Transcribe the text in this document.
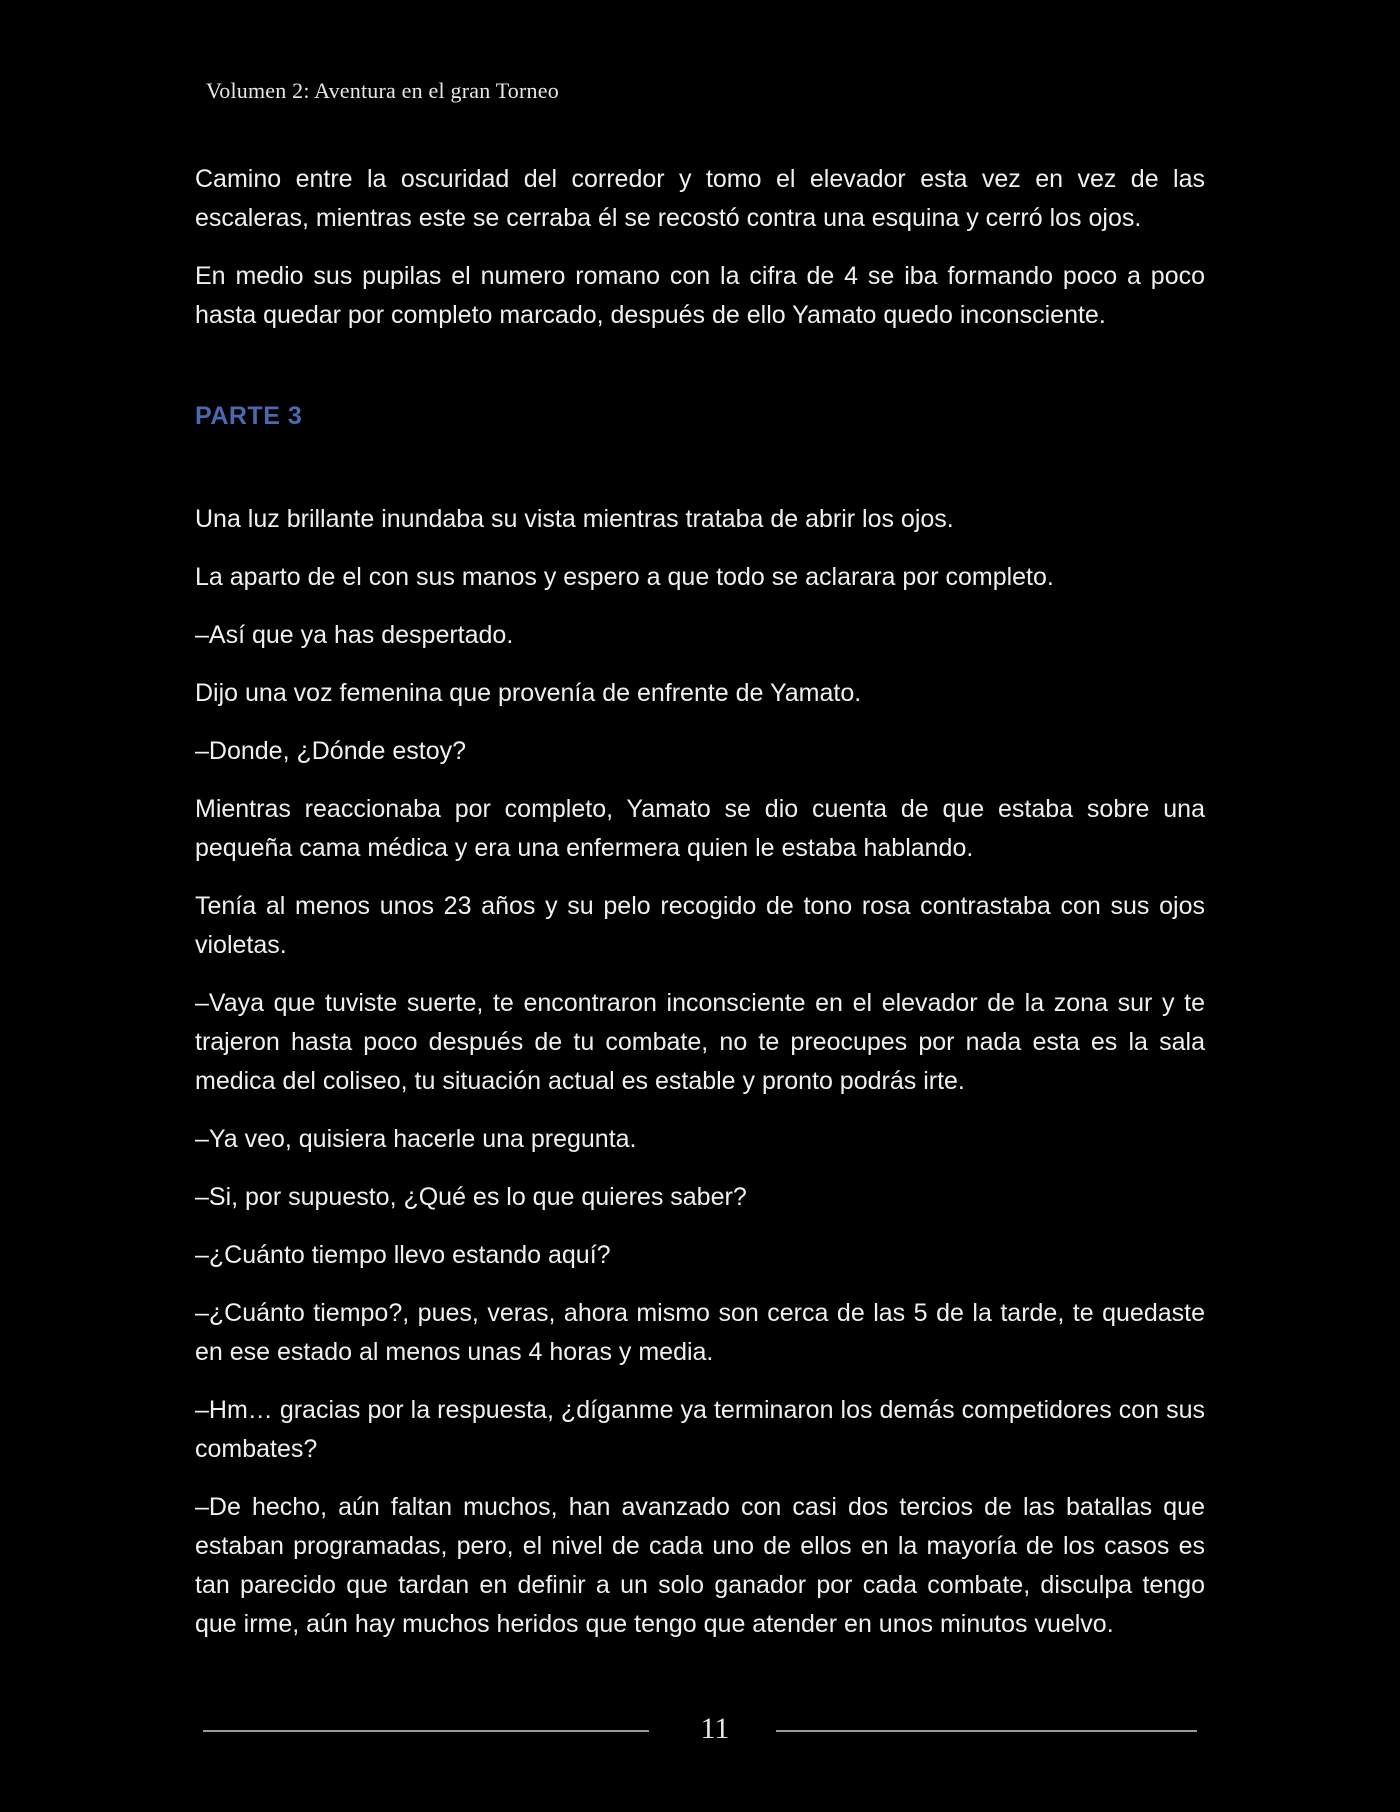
Volumen 2: Aventura en el gran Torneo

Camino entre la oscuridad del corredor y tomo el elevador esta vez en vez de las escaleras, mientras este se cerraba él se recostó contra una esquina y cerró los ojos.

En medio sus pupilas el numero romano con la cifra de 4 se iba formando poco a poco hasta quedar por completo marcado, después de ello Yamato quedo inconsciente.

PARTE 3

Una luz brillante inundaba su vista mientras trataba de abrir los ojos.

La aparto de el con sus manos y espero a que todo se aclarara por completo.

–Así que ya has despertado.

Dijo una voz femenina que provenía de enfrente de Yamato.

–Donde, ¿Dónde estoy?

Mientras reaccionaba por completo, Yamato se dio cuenta de que estaba sobre una pequeña cama médica y era una enfermera quien le estaba hablando.

Tenía al menos unos 23 años y su pelo recogido de tono rosa contrastaba con sus ojos violetas.

–Vaya que tuviste suerte, te encontraron inconsciente en el elevador de la zona sur y te trajeron hasta poco después de tu combate, no te preocupes por nada esta es la sala medica del coliseo, tu situación actual es estable y pronto podrás irte.

–Ya veo, quisiera hacerle una pregunta.

–Si, por supuesto, ¿Qué es lo que quieres saber?

–¿Cuánto tiempo llevo estando aquí?

–¿Cuánto tiempo?, pues, veras, ahora mismo son cerca de las 5 de la tarde, te quedaste en ese estado al menos unas 4 horas y media.

–Hm… gracias por la respuesta, ¿díganme ya terminaron los demás competidores con sus combates?

–De hecho, aún faltan muchos, han avanzado con casi dos tercios de las batallas que estaban programadas, pero, el nivel de cada uno de ellos en la mayoría de los casos es tan parecido que tardan en definir a un solo ganador por cada combate, disculpa tengo que irme, aún hay muchos heridos que tengo que atender en unos minutos vuelvo.

11
